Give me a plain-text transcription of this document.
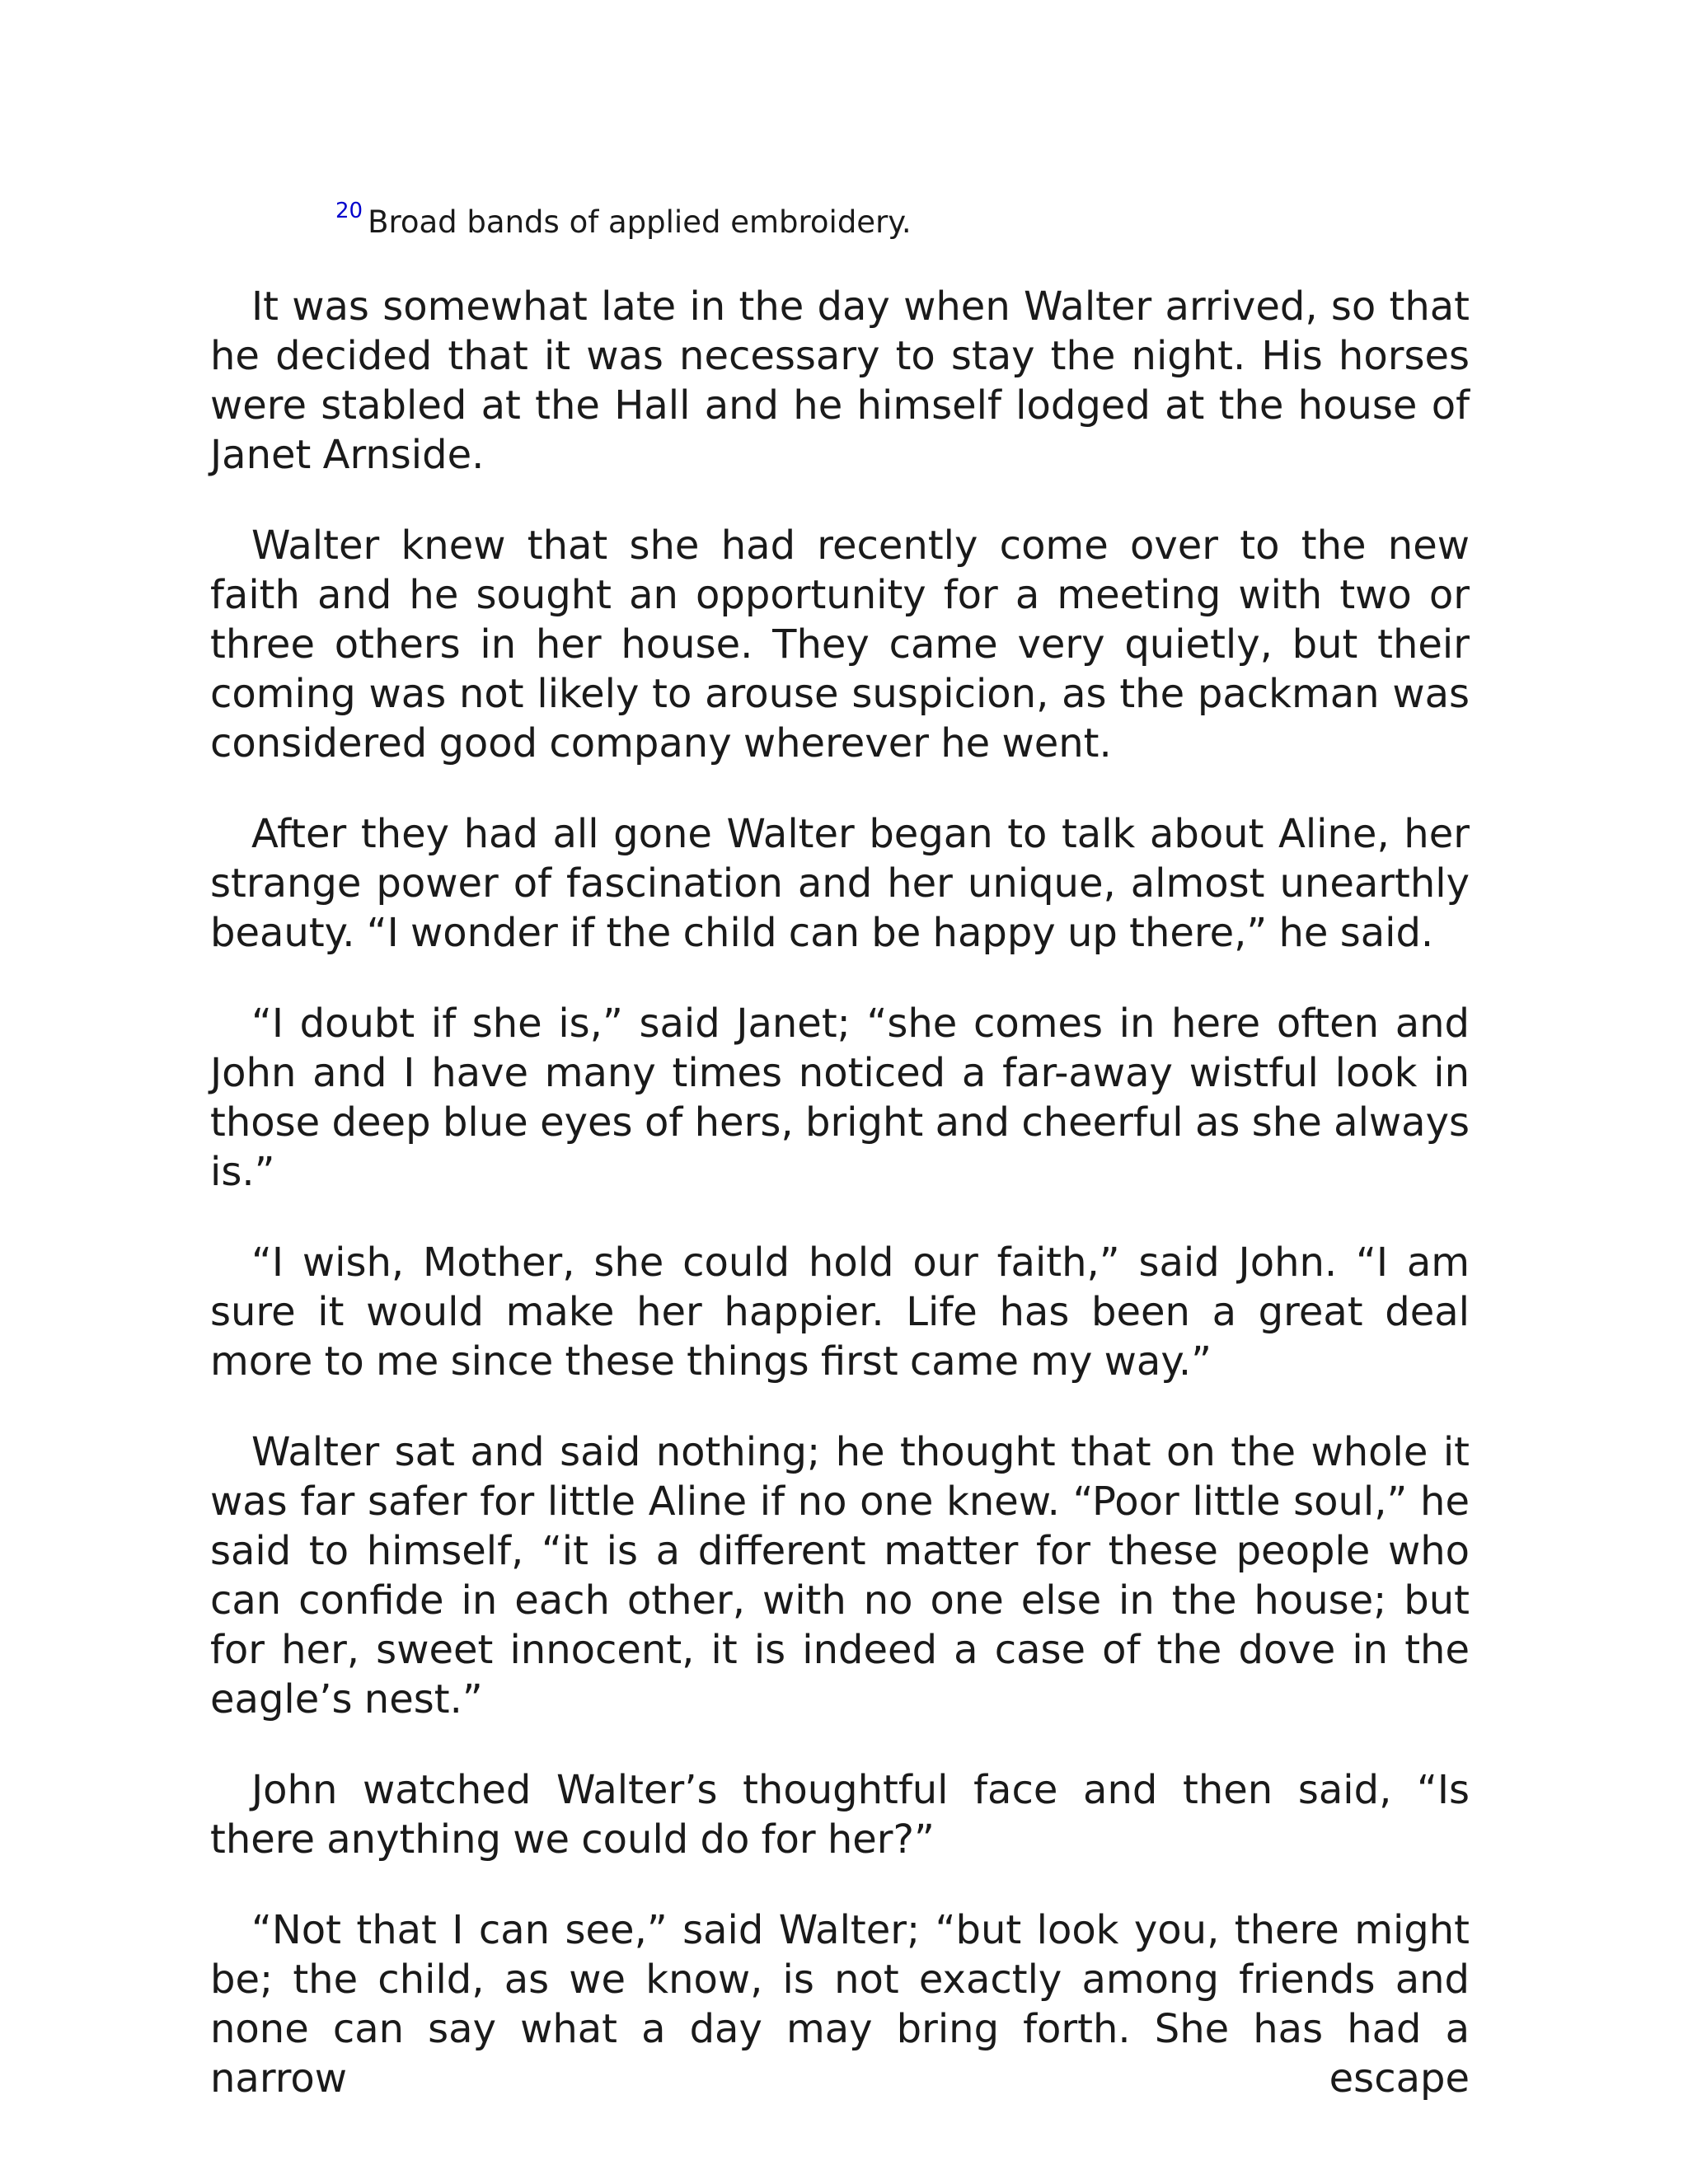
$^{20}$ Broad bands of applied embroidery.

It was somewhat late in the day when Walter arrived, so that he decided that it was necessary to stay the night. His horses were stabled at the Hall and he himself lodged at the house of Janet Arnside.

Walter knew that she had recently come over to the new faith and he sought an opportunity for a meeting with two or three others in her house. They came very quietly, but their coming was not likely to arouse suspicion, as the packman was considered good company wherever he went.

After they had all gone Walter began to talk about Aline, her strange power of fascination and her unique, almost unearthly beauty. “I wonder if the child can be happy up there,” he said.

“I doubt if she is,” said Janet; “she comes in here often and John and I have many times noticed a far-away wistful look in those deep blue eyes of hers, bright and cheerful as she always is.”

“I wish, Mother, she could hold our faith,” said John. “I am sure it would make her happier. Life has been a great deal more to me since these things first came my way.”

Walter sat and said nothing; he thought that on the whole it was far safer for little Aline if no one knew. “Poor little soul,” he said to himself, “it is a different matter for these people who can confide in each other, with no one else in the house; but for her, sweet innocent, it is indeed a case of the dove in the eagle’s nest.”

John watched Walter’s thoughtful face and then said, “Is there anything we could do for her?”

“Not that I can see,” said Walter; “but look you, there might be; the child, as we know, is not exactly among friends and none can say what a day may bring forth. She has had a narrow escape
